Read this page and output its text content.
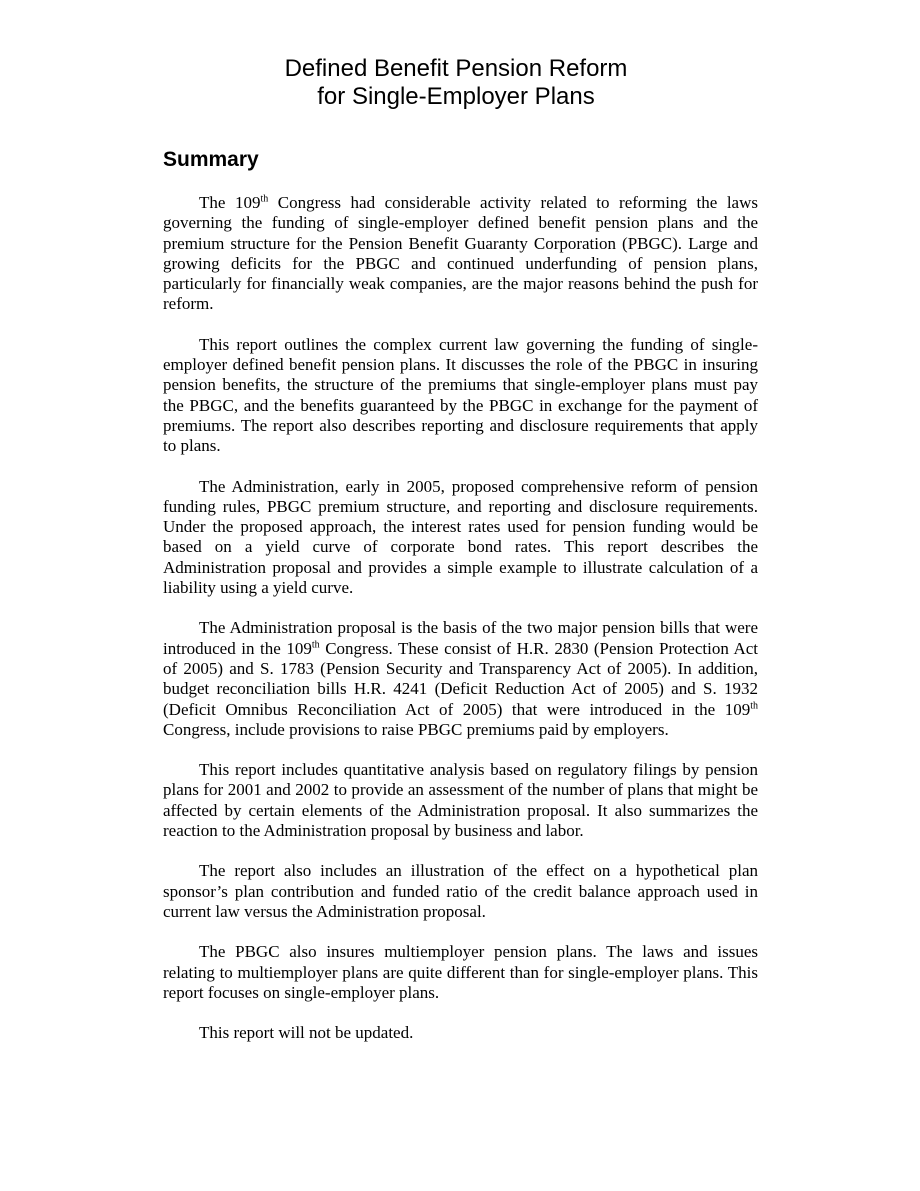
Defined Benefit Pension Reform
for Single-Employer Plans
Summary

The 109th Congress had considerable activity related to reforming the laws governing the funding of single-employer defined benefit pension plans and the premium structure for the Pension Benefit Guaranty Corporation (PBGC). Large and growing deficits for the PBGC and continued underfunding of pension plans, particularly for financially weak companies, are the major reasons behind the push for reform.

This report outlines the complex current law governing the funding of single-employer defined benefit pension plans. It discusses the role of the PBGC in insuring pension benefits, the structure of the premiums that single-employer plans must pay the PBGC, and the benefits guaranteed by the PBGC in exchange for the payment of premiums. The report also describes reporting and disclosure requirements that apply to plans.

The Administration, early in 2005, proposed comprehensive reform of pension funding rules, PBGC premium structure, and reporting and disclosure requirements. Under the proposed approach, the interest rates used for pension funding would be based on a yield curve of corporate bond rates. This report describes the Administration proposal and provides a simple example to illustrate calculation of a liability using a yield curve.

The Administration proposal is the basis of the two major pension bills that were introduced in the 109th Congress. These consist of H.R. 2830 (Pension Protection Act of 2005) and S. 1783 (Pension Security and Transparency Act of 2005). In addition, budget reconciliation bills H.R. 4241 (Deficit Reduction Act of 2005) and S. 1932 (Deficit Omnibus Reconciliation Act of 2005) that were introduced in the 109th Congress, include provisions to raise PBGC premiums paid by employers.

This report includes quantitative analysis based on regulatory filings by pension plans for 2001 and 2002 to provide an assessment of the number of plans that might be affected by certain elements of the Administration proposal. It also summarizes the reaction to the Administration proposal by business and labor.

The report also includes an illustration of the effect on a hypothetical plan sponsor’s plan contribution and funded ratio of the credit balance approach used in current law versus the Administration proposal.

The PBGC also insures multiemployer pension plans. The laws and issues relating to multiemployer plans are quite different than for single-employer plans. This report focuses on single-employer plans.

This report will not be updated.
